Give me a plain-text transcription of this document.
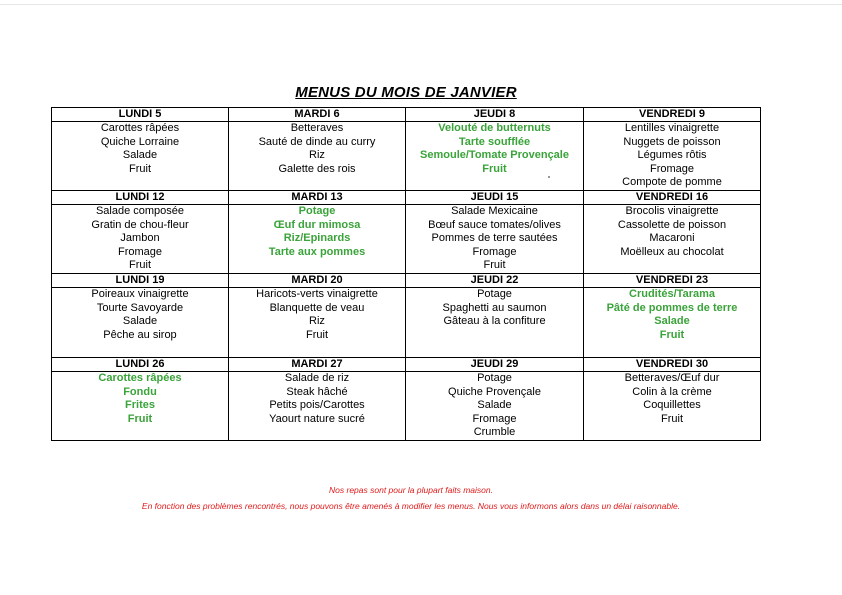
MENUS DU MOIS DE JANVIER
LUNDI 5	MARDI 6	JEUDI 8	VENDREDI 9

Carottes râpées
Quiche Lorraine
Salade
Fruit	Betteraves
Sauté de dinde au curry
Riz
Galette des rois	Velouté de butternuts
Tarte soufflée
Semoule/Tomate Provençale
Fruit	Lentilles vinaigrette
Nuggets de poisson
Légumes rôtis
Fromage
Compote de pomme

LUNDI 12	MARDI 13	JEUDI 15	VENDREDI 16

Salade composée
Gratin de chou-fleur
Jambon
Fromage
Fruit	Potage
Œuf dur mimosa
Riz/Epinards
Tarte aux pommes	Salade Mexicaine
Bœuf sauce tomates/olives
Pommes de terre sautées
Fromage
Fruit	Brocolis vinaigrette
Cassolette de poisson
Macaroni
Moëlleux au chocolat

LUNDI 19	MARDI 20	JEUDI 22	VENDREDI 23

Poireaux vinaigrette
Tourte Savoyarde
Salade
Pêche au sirop	Haricots-verts vinaigrette
Blanquette de veau
Riz
Fruit	Potage
Spaghetti au saumon
Gâteau à la confiture	Crudités/Tarama
Pâté de pommes de terre
Salade
Fruit

LUNDI 26	MARDI 27	JEUDI 29	VENDREDI 30

Carottes râpées
Fondu
Frites
Fruit	Salade de riz
Steak hâché
Petits pois/Carottes
Yaourt nature sucré	Potage
Quiche Provençale
Salade
Fromage
Crumble	Betteraves/Œuf dur
Colin à la crème
Coquillettes
Fruit
Nos repas sont pour la plupart faits maison.
En fonction des problèmes rencontrés, nous pouvons être amenés à modifier les menus. Nous vous informons alors dans un délai raisonnable.
